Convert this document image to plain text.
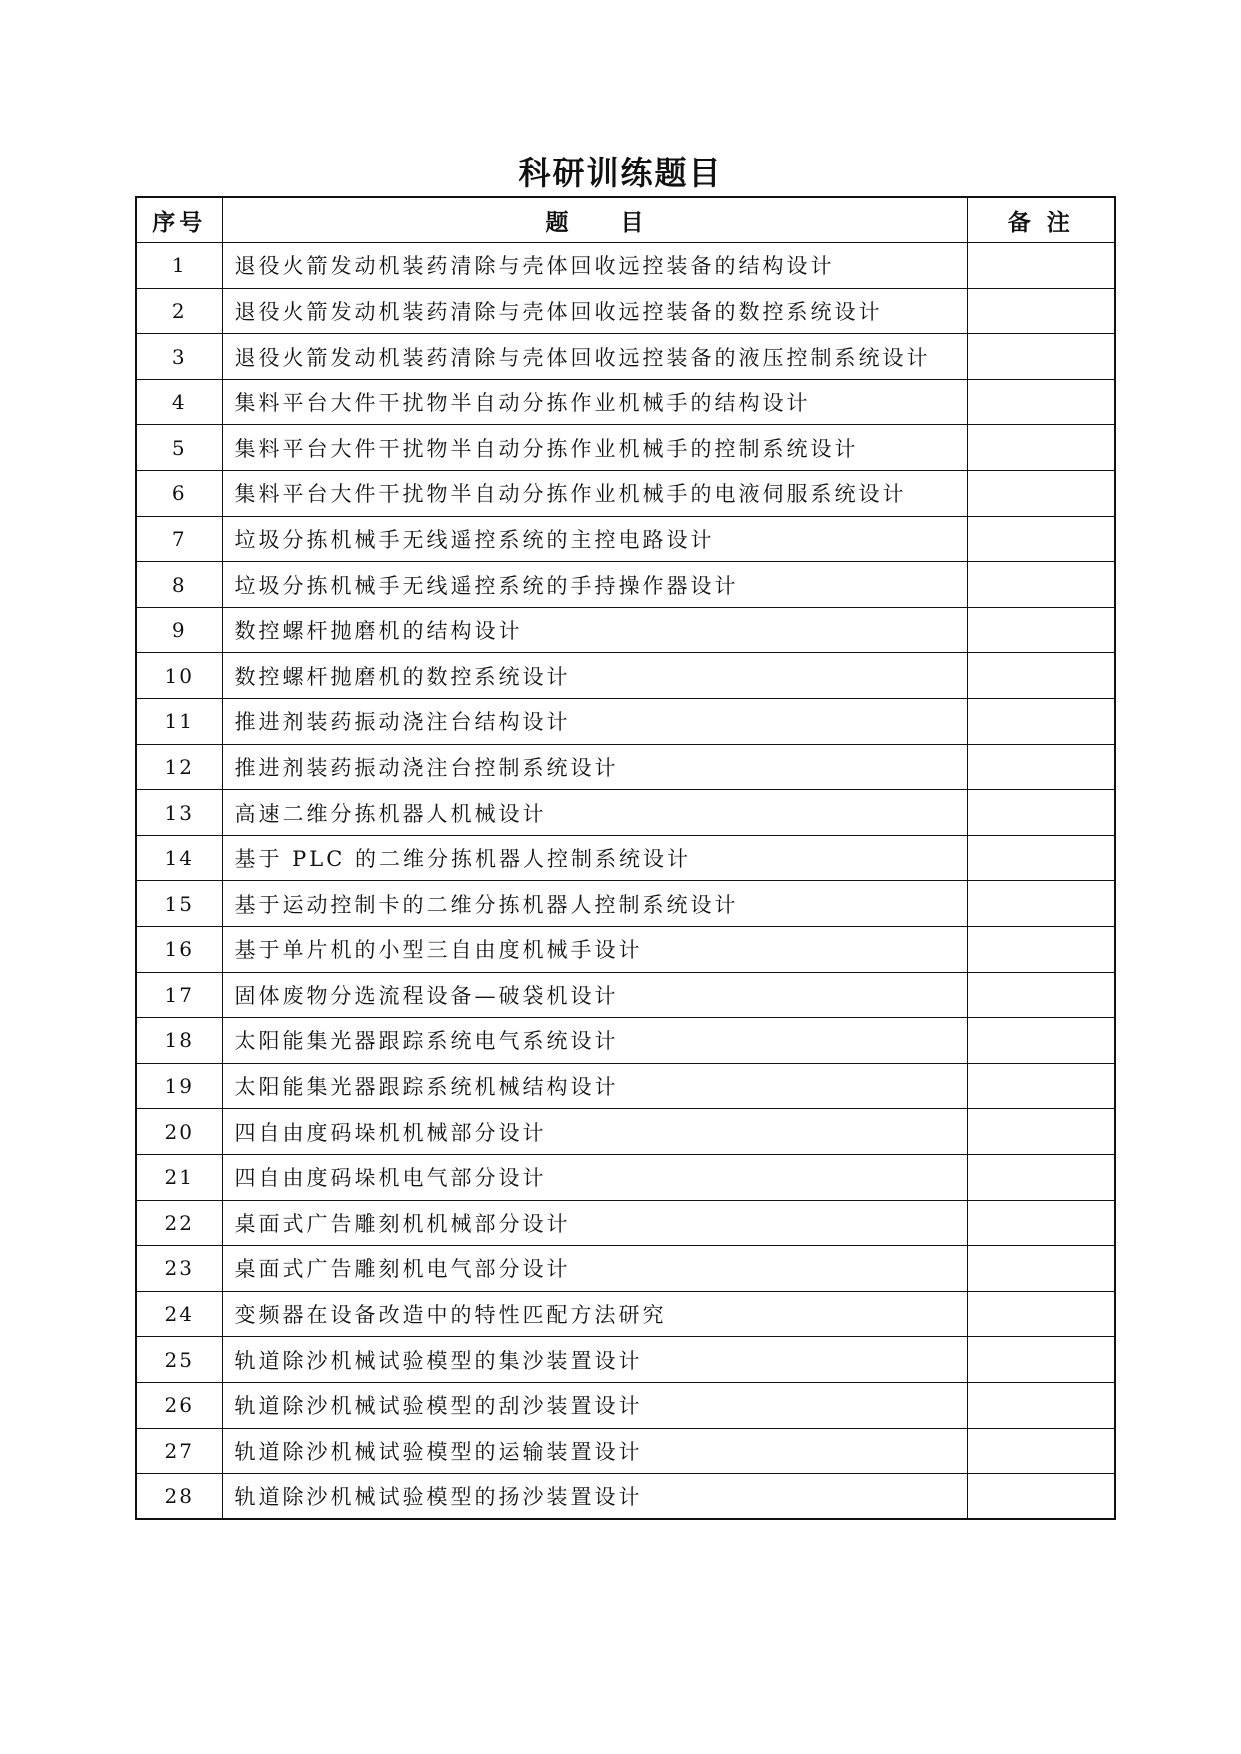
科研训练题目
序号	题 目	备 注
1	退役火箭发动机装药清除与壳体回收远控装备的结构设计	
2	退役火箭发动机装药清除与壳体回收远控装备的数控系统设计	
3	退役火箭发动机装药清除与壳体回收远控装备的液压控制系统设计	
4	集料平台大件干扰物半自动分拣作业机械手的结构设计	
5	集料平台大件干扰物半自动分拣作业机械手的控制系统设计	
6	集料平台大件干扰物半自动分拣作业机械手的电液伺服系统设计	
7	垃圾分拣机械手无线遥控系统的主控电路设计	
8	垃圾分拣机械手无线遥控系统的手持操作器设计	
9	数控螺杆抛磨机的结构设计	
10	数控螺杆抛磨机的数控系统设计	
11	推进剂装药振动浇注台结构设计	
12	推进剂装药振动浇注台控制系统设计	
13	高速二维分拣机器人机械设计	
14	基于 PLC 的二维分拣机器人控制系统设计	
15	基于运动控制卡的二维分拣机器人控制系统设计	
16	基于单片机的小型三自由度机械手设计	
17	固体废物分选流程设备—破袋机设计	
18	太阳能集光器跟踪系统电气系统设计	
19	太阳能集光器跟踪系统机械结构设计	
20	四自由度码垛机机械部分设计	
21	四自由度码垛机电气部分设计	
22	桌面式广告雕刻机机械部分设计	
23	桌面式广告雕刻机电气部分设计	
24	变频器在设备改造中的特性匹配方法研究	
25	轨道除沙机械试验模型的集沙装置设计	
26	轨道除沙机械试验模型的刮沙装置设计	
27	轨道除沙机械试验模型的运输装置设计	
28	轨道除沙机械试验模型的扬沙装置设计	
